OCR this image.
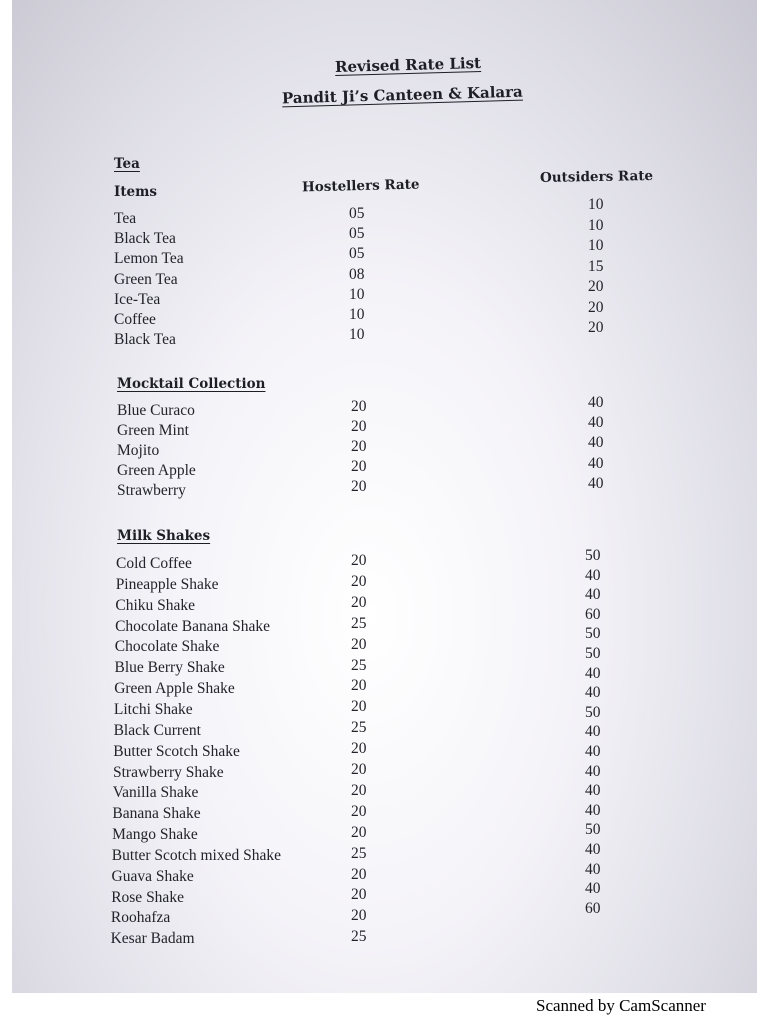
Revised Rate List
Pandit Ji’s Canteen & Kalara
Tea
Items	Hostellers Rate	Outsiders Rate
Mocktail Collection
Milk Shakes
Tea
Black Tea
Lemon Tea
Green Tea
Ice-Tea
Coffee
Black Tea
05
05
05
08
10
10
10
10
10
10
15
20
20
20
Blue Curaco
Green Mint
Mojito
Green Apple
Strawberry
20
20
20
20
20
40
40
40
40
40
Cold Coffee
Pineapple Shake
Chiku Shake
Chocolate Banana Shake
Chocolate Shake
Blue Berry Shake
Green Apple Shake
Litchi Shake
Black Current
Butter Scotch Shake
Strawberry Shake
Vanilla Shake
Banana Shake
Mango Shake
Butter Scotch mixed Shake
Guava Shake
Rose Shake
Roohafza
Kesar Badam
20
20
20
25
20
25
20
20
25
20
20
20
20
20
25
20
20
20
25
50
40
40
60
50
50
40
40
50
40
40
40
40
40
50
40
40
40
60
Scanned by CamScanner
